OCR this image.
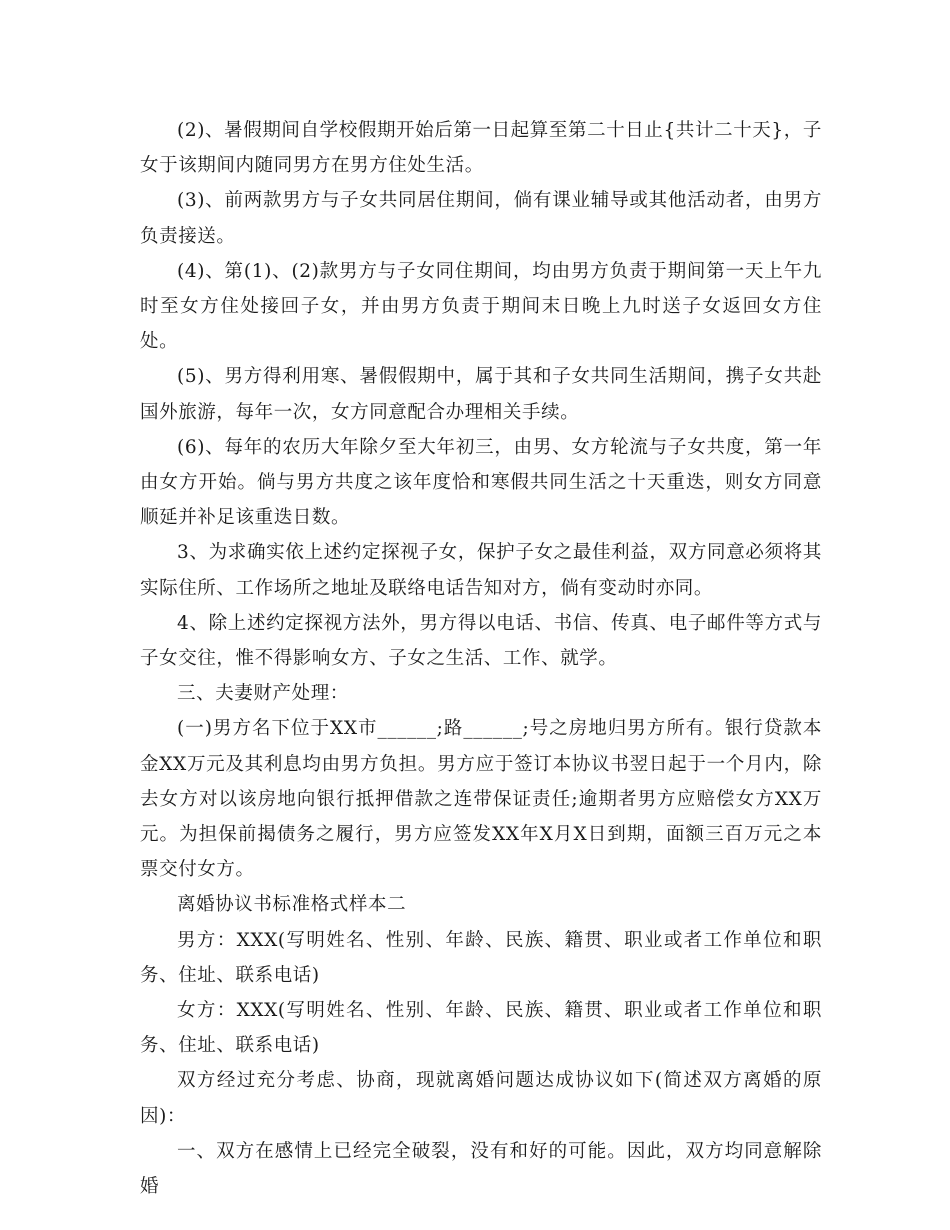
(2)、暑假期间自学校假期开始后第一日起算至第二十日止{共计二十天}，子女于该期间内随同男方在男方住处生活。

(3)、前两款男方与子女共同居住期间，倘有课业辅导或其他活动者，由男方负责接送。

(4)、第(1)、(2)款男方与子女同住期间，均由男方负责于期间第一天上午九时至女方住处接回子女，并由男方负责于期间末日晚上九时送子女返回女方住处。

(5)、男方得利用寒、暑假假期中，属于其和子女共同生活期间，携子女共赴国外旅游，每年一次，女方同意配合办理相关手续。

(6)、每年的农历大年除夕至大年初三，由男、女方轮流与子女共度，第一年由女方开始。倘与男方共度之该年度恰和寒假共同生活之十天重迭，则女方同意顺延并补足该重迭日数。

3、为求确实依上述约定探视子女，保护子女之最佳利益，双方同意必须将其实际住所、工作场所之地址及联络电话告知对方，倘有变动时亦同。

4、除上述约定探视方法外，男方得以电话、书信、传真、电子邮件等方式与子女交往，惟不得影响女方、子女之生活、工作、就学。

三、夫妻财产处理：

(一)男方名下位于XX市______;路______;号之房地归男方所有。银行贷款本金XX万元及其利息均由男方负担。男方应于签订本协议书翌日起于一个月内，除去女方对以该房地向银行抵押借款之连带保证责任;逾期者男方应赔偿女方XX万元。为担保前揭债务之履行，男方应签发XX年X月X日到期，面额三百万元之本票交付女方。

离婚协议书标准格式样本二

男方：XXX(写明姓名、性别、年龄、民族、籍贯、职业或者工作单位和职务、住址、联系电话)

女方：XXX(写明姓名、性别、年龄、民族、籍贯、职业或者工作单位和职务、住址、联系电话)

双方经过充分考虑、协商，现就离婚问题达成协议如下(简述双方离婚的原因)：

一、双方在感情上已经完全破裂，没有和好的可能。因此，双方均同意解除婚
